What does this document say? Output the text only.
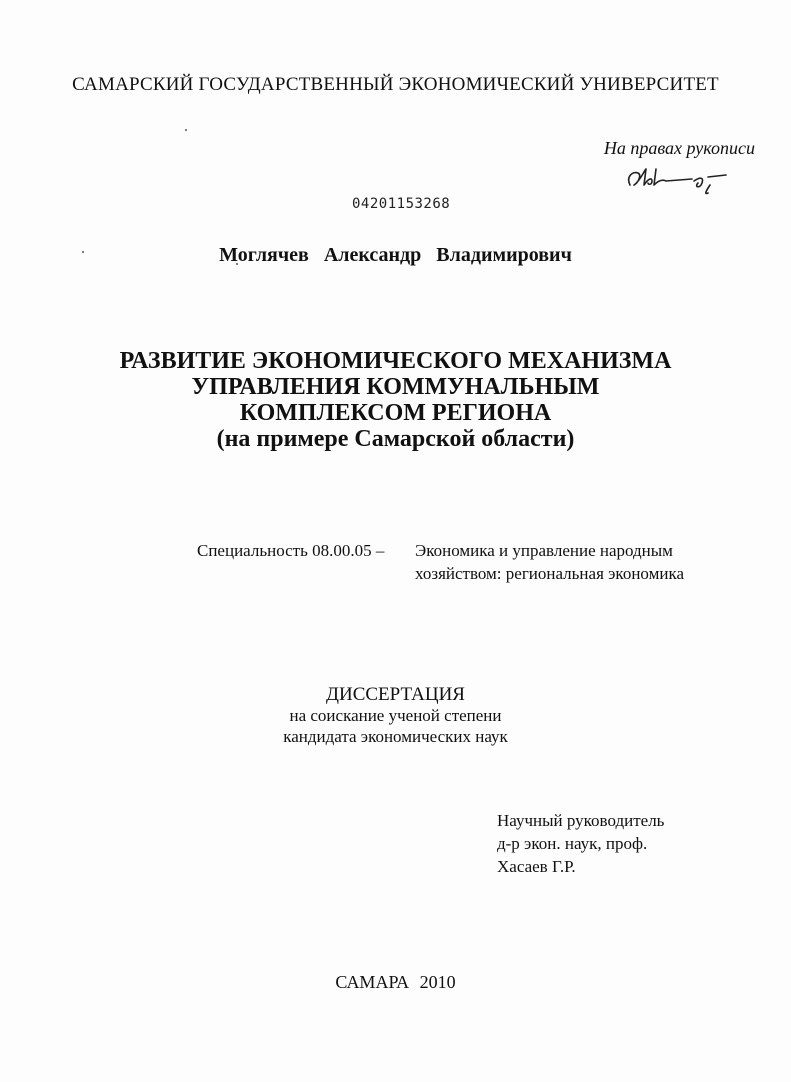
САМАРСКИЙ ГОСУДАРСТВЕННЫЙ ЭКОНОМИЧЕСКИЙ УНИВЕРСИТЕТ
На правах рукописи
04201153268
Моглячев Александр Владимирович
РАЗВИТИЕ ЭКОНОМИЧЕСКОГО МЕХАНИЗМА
УПРАВЛЕНИЯ КОММУНАЛЬНЫМ
КОМПЛЕКСОМ РЕГИОНА
(на примере Самарской области)
Специальность 08.00.05 – Экономика и управление народным
хозяйством: региональная экономика
ДИССЕРТАЦИЯ
на соискание ученой степени
кандидата экономических наук
Научный руководитель
д-р экон. наук, проф.
Хасаев Г.Р.
САМАРА 2010
